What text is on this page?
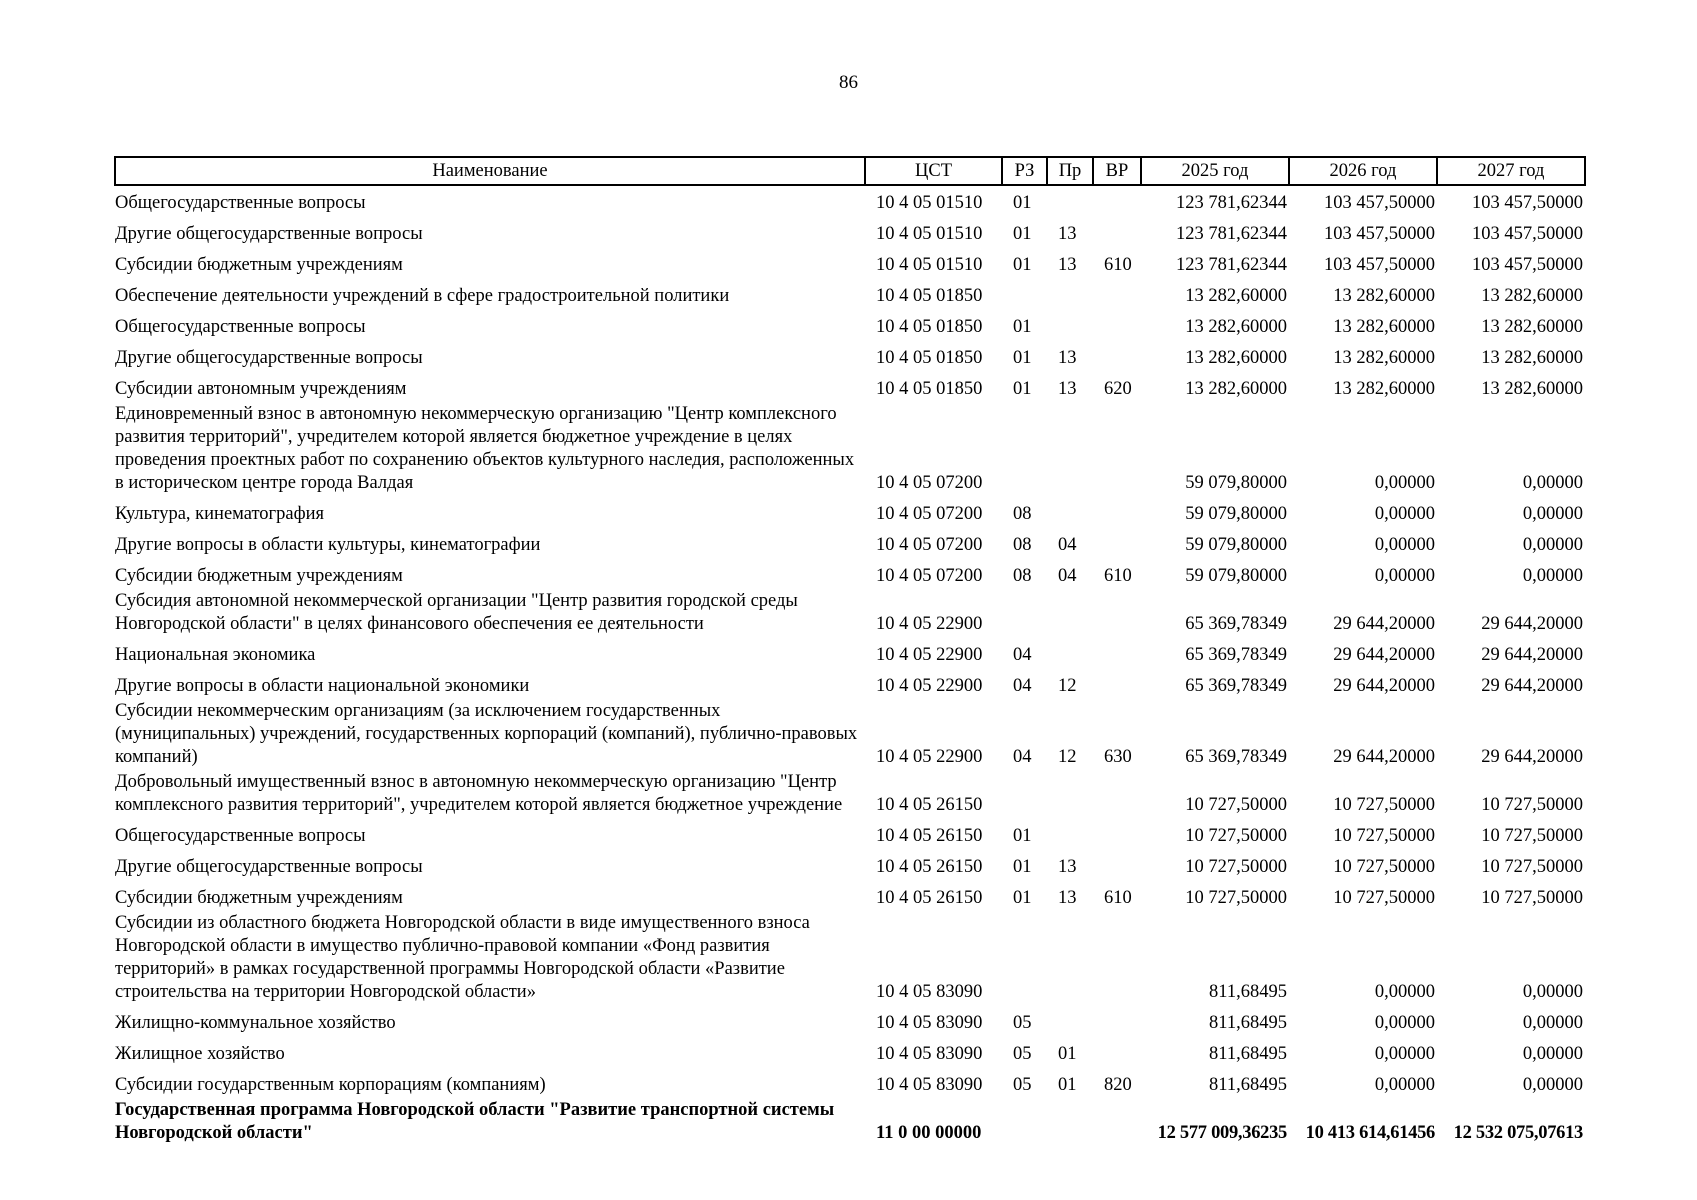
86
Наименование	ЦСТ	РЗ	Пр	ВР	2025 год	2026 год	2027 год
Общегосударственные вопросы	10 4 05 01510	01			123 781,62344	103 457,50000	103 457,50000
Другие общегосударственные вопросы	10 4 05 01510	01	13		123 781,62344	103 457,50000	103 457,50000
Субсидии бюджетным учреждениям	10 4 05 01510	01	13	610	123 781,62344	103 457,50000	103 457,50000
Обеспечение деятельности учреждений в сфере градостроительной политики	10 4 05 01850				13 282,60000	13 282,60000	13 282,60000
Общегосударственные вопросы	10 4 05 01850	01			13 282,60000	13 282,60000	13 282,60000
Другие общегосударственные вопросы	10 4 05 01850	01	13		13 282,60000	13 282,60000	13 282,60000
Субсидии автономным учреждениям	10 4 05 01850	01	13	620	13 282,60000	13 282,60000	13 282,60000
Единовременный взнос в автономную некоммерческую организацию "Центр комплексного развития территорий", учредителем которой является бюджетное учреждение в целях проведения проектных работ по сохранению объектов культурного наследия, расположенных в историческом центре города Валдая	10 4 05 07200				59 079,80000	0,00000	0,00000
Культура, кинематография	10 4 05 07200	08			59 079,80000	0,00000	0,00000
Другие вопросы в области культуры, кинематографии	10 4 05 07200	08	04		59 079,80000	0,00000	0,00000
Субсидии бюджетным учреждениям	10 4 05 07200	08	04	610	59 079,80000	0,00000	0,00000
Субсидия автономной некоммерческой организации "Центр развития городской среды Новгородской области" в целях финансового обеспечения ее деятельности	10 4 05 22900				65 369,78349	29 644,20000	29 644,20000
Национальная экономика	10 4 05 22900	04			65 369,78349	29 644,20000	29 644,20000
Другие вопросы в области национальной экономики	10 4 05 22900	04	12		65 369,78349	29 644,20000	29 644,20000
Субсидии некоммерческим организациям (за исключением государственных (муниципальных) учреждений, государственных корпораций (компаний), публично-правовых компаний)	10 4 05 22900	04	12	630	65 369,78349	29 644,20000	29 644,20000
Добровольный имущественный взнос в автономную некоммерческую организацию "Центр комплексного развития территорий", учредителем которой является бюджетное учреждение	10 4 05 26150				10 727,50000	10 727,50000	10 727,50000
Общегосударственные вопросы	10 4 05 26150	01			10 727,50000	10 727,50000	10 727,50000
Другие общегосударственные вопросы	10 4 05 26150	01	13		10 727,50000	10 727,50000	10 727,50000
Субсидии бюджетным учреждениям	10 4 05 26150	01	13	610	10 727,50000	10 727,50000	10 727,50000
Субсидии из областного бюджета Новгородской области в виде имущественного взноса Новгородской области в имущество публично-правовой компании «Фонд развития территорий» в рамках государственной программы Новгородской области «Развитие строительства на территории Новгородской области»	10 4 05 83090				811,68495	0,00000	0,00000
Жилищно-коммунальное хозяйство	10 4 05 83090	05			811,68495	0,00000	0,00000
Жилищное хозяйство	10 4 05 83090	05	01		811,68495	0,00000	0,00000
Субсидии государственным корпорациям (компаниям)	10 4 05 83090	05	01	820	811,68495	0,00000	0,00000
Государственная программа Новгородской области "Развитие транспортной системы Новгородской области"	11 0 00 00000				12 577 009,36235	10 413 614,61456	12 532 075,07613
